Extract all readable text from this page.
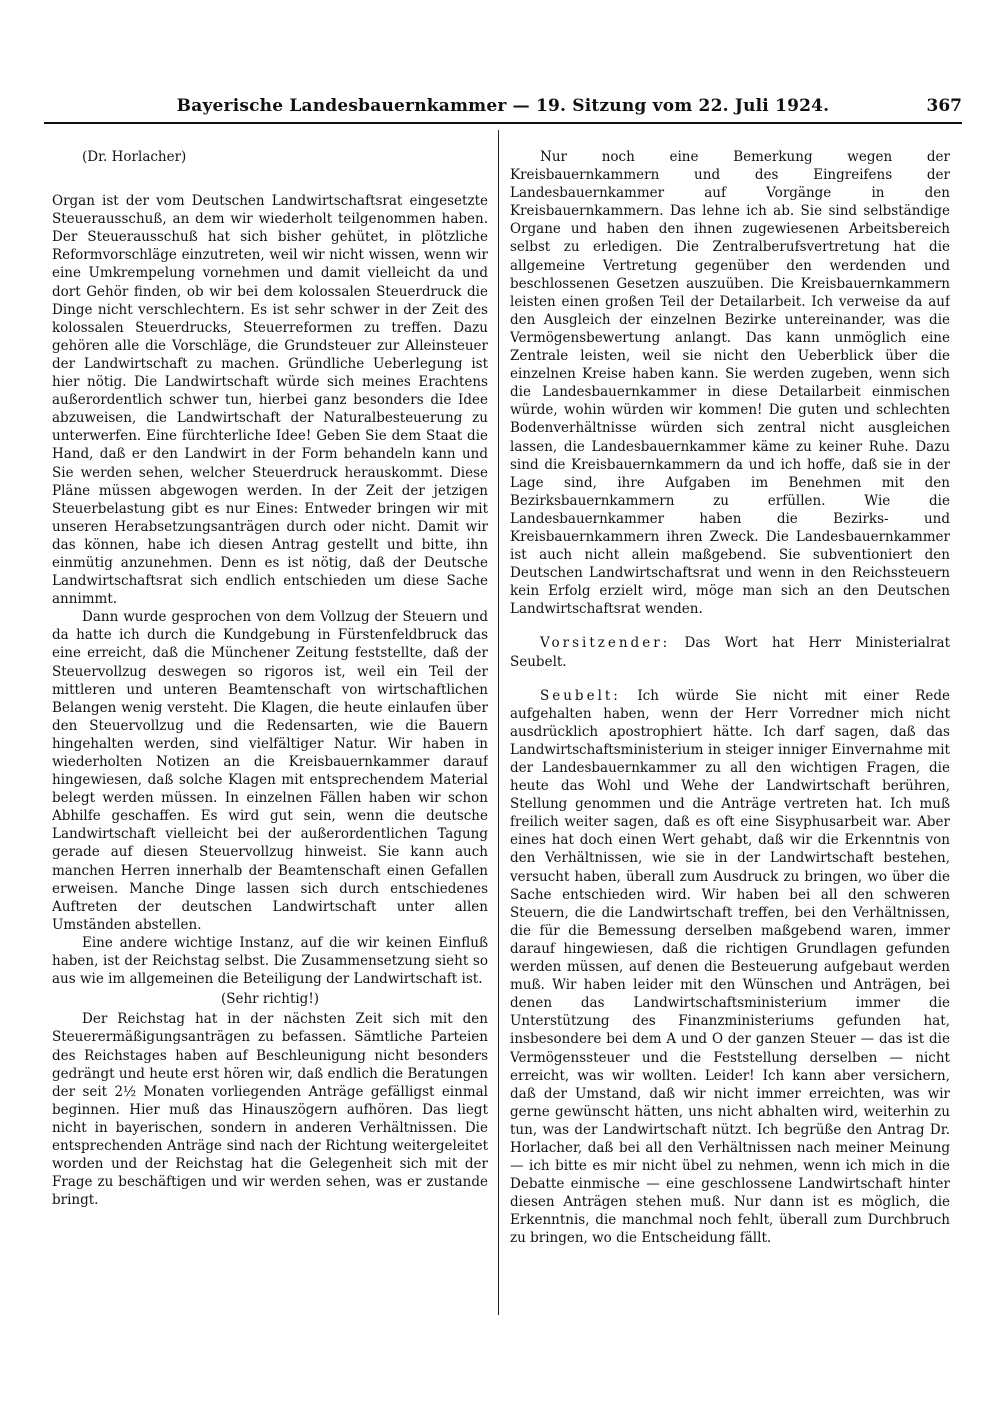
Bayerische Landesbauernkammer — 19. Sitzung vom 22. Juli 1924.	367

(Dr. Horlacher)

Organ ist der vom Deutschen Landwirtschaftsrat eingesetzte Steuerausschuß, an dem wir wiederholt teilgenommen haben. Der Steuerausschuß hat sich bisher gehütet, in plötzliche Reformvorschläge einzutreten, weil wir nicht wissen, wenn wir eine Umkrempelung vornehmen und damit vielleicht da und dort Gehör finden, ob wir bei dem kolossalen Steuerdruck die Dinge nicht verschlechtern. Es ist sehr schwer in der Zeit des kolossalen Steuerdrucks, Steuerreformen zu treffen. Dazu gehören alle die Vorschläge, die Grundsteuer zur Alleinsteuer der Landwirtschaft zu machen. Gründliche Ueberlegung ist hier nötig. Die Landwirtschaft würde sich meines Erachtens außerordentlich schwer tun, hierbei ganz besonders die Idee abzuweisen, die Landwirtschaft der Naturalbesteuerung zu unterwerfen. Eine fürchterliche Idee! Geben Sie dem Staat die Hand, daß er den Landwirt in der Form behandeln kann und Sie werden sehen, welcher Steuerdruck herauskommt. Diese Pläne müssen abgewogen werden. In der Zeit der jetzigen Steuerbelastung gibt es nur Eines: Entweder bringen wir mit unseren Herabsetzungsanträgen durch oder nicht. Damit wir das können, habe ich diesen Antrag gestellt und bitte, ihn einmütig anzunehmen. Denn es ist nötig, daß der Deutsche Landwirtschaftsrat sich endlich entschieden um diese Sache annimmt.

Dann wurde gesprochen von dem Vollzug der Steuern und da hatte ich durch die Kundgebung in Fürstenfeldbruck das eine erreicht, daß die Münchener Zeitung feststellte, daß der Steuervollzug deswegen so rigoros ist, weil ein Teil der mittleren und unteren Beamtenschaft von wirtschaftlichen Belangen wenig versteht. Die Klagen, die heute einlaufen über den Steuervollzug und die Redensarten, wie die Bauern hingehalten werden, sind vielfältiger Natur. Wir haben in wiederholten Notizen an die Kreisbauernkammer darauf hingewiesen, daß solche Klagen mit entsprechendem Material belegt werden müssen. In einzelnen Fällen haben wir schon Abhilfe geschaffen. Es wird gut sein, wenn die deutsche Landwirtschaft vielleicht bei der außerordentlichen Tagung gerade auf diesen Steuervollzug hinweist. Sie kann auch manchen Herren innerhalb der Beamtenschaft einen Gefallen erweisen. Manche Dinge lassen sich durch entschiedenes Auftreten der deutschen Landwirtschaft unter allen Umständen abstellen.

Eine andere wichtige Instanz, auf die wir keinen Einfluß haben, ist der Reichstag selbst. Die Zusammensetzung sieht so aus wie im allgemeinen die Beteiligung der Landwirtschaft ist.

(Sehr richtig!)

Der Reichstag hat in der nächsten Zeit sich mit den Steuerermäßigungsanträgen zu befassen. Sämtliche Parteien des Reichstages haben auf Beschleunigung nicht besonders gedrängt und heute erst hören wir, daß endlich die Beratungen der seit 2½ Monaten vorliegenden Anträge gefälligst einmal beginnen. Hier muß das Hinauszögern aufhören. Das liegt nicht in bayerischen, sondern in anderen Verhältnissen. Die entsprechenden Anträge sind nach der Richtung weitergeleitet worden und der Reichstag hat die Gelegenheit sich mit der Frage zu beschäftigen und wir werden sehen, was er zustande bringt.

Nur noch eine Bemerkung wegen der Kreisbauernkammern und des Eingreifens der Landesbauernkammer auf Vorgänge in den Kreisbauernkammern. Das lehne ich ab. Sie sind selbständige Organe und haben den ihnen zugewiesenen Arbeitsbereich selbst zu erledigen. Die Zentralberufsvertretung hat die allgemeine Vertretung gegenüber den werdenden und beschlossenen Gesetzen auszuüben. Die Kreisbauernkammern leisten einen großen Teil der Detailarbeit. Ich verweise da auf den Ausgleich der einzelnen Bezirke untereinander, was die Vermögensbewertung anlangt. Das kann unmöglich eine Zentrale leisten, weil sie nicht den Ueberblick über die einzelnen Kreise haben kann. Sie werden zugeben, wenn sich die Landesbauernkammer in diese Detailarbeit einmischen würde, wohin würden wir kommen! Die guten und schlechten Bodenverhältnisse würden sich zentral nicht ausgleichen lassen, die Landesbauernkammer käme zu keiner Ruhe. Dazu sind die Kreisbauernkammern da und ich hoffe, daß sie in der Lage sind, ihre Aufgaben im Benehmen mit den Bezirksbauernkammern zu erfüllen. Wie die Landesbauernkammer haben die Bezirks- und Kreisbauernkammern ihren Zweck. Die Landesbauernkammer ist auch nicht allein maßgebend. Sie subventioniert den Deutschen Landwirtschaftsrat und wenn in den Reichssteuern kein Erfolg erzielt wird, möge man sich an den Deutschen Landwirtschaftsrat wenden.

Vorsitzender: Das Wort hat Herr Ministerialrat Seubelt.

Seubelt: Ich würde Sie nicht mit einer Rede aufgehalten haben, wenn der Herr Vorredner mich nicht ausdrücklich apostrophiert hätte. Ich darf sagen, daß das Landwirtschaftsministerium in steiger inniger Einvernahme mit der Landesbauernkammer zu all den wichtigen Fragen, die heute das Wohl und Wehe der Landwirtschaft berühren, Stellung genommen und die Anträge vertreten hat. Ich muß freilich weiter sagen, daß es oft eine Sisyphusarbeit war. Aber eines hat doch einen Wert gehabt, daß wir die Erkenntnis von den Verhältnissen, wie sie in der Landwirtschaft bestehen, versucht haben, überall zum Ausdruck zu bringen, wo über die Sache entschieden wird. Wir haben bei all den schweren Steuern, die die Landwirtschaft treffen, bei den Verhältnissen, die für die Bemessung derselben maßgebend waren, immer darauf hingewiesen, daß die richtigen Grundlagen gefunden werden müssen, auf denen die Besteuerung aufgebaut werden muß. Wir haben leider mit den Wünschen und Anträgen, bei denen das Landwirtschaftsministerium immer die Unterstützung des Finanzministeriums gefunden hat, insbesondere bei dem A und O der ganzen Steuer — das ist die Vermögenssteuer und die Feststellung derselben — nicht erreicht, was wir wollten. Leider! Ich kann aber versichern, daß der Umstand, daß wir nicht immer erreichten, was wir gerne gewünscht hätten, uns nicht abhalten wird, weiterhin zu tun, was der Landwirtschaft nützt. Ich begrüße den Antrag Dr. Horlacher, daß bei all den Verhältnissen nach meiner Meinung — ich bitte es mir nicht übel zu nehmen, wenn ich mich in die Debatte einmische — eine geschlossene Landwirtschaft hinter diesen Anträgen stehen muß. Nur dann ist es möglich, die Erkenntnis, die manchmal noch fehlt, überall zum Durchbruch zu bringen, wo die Entscheidung fällt.
